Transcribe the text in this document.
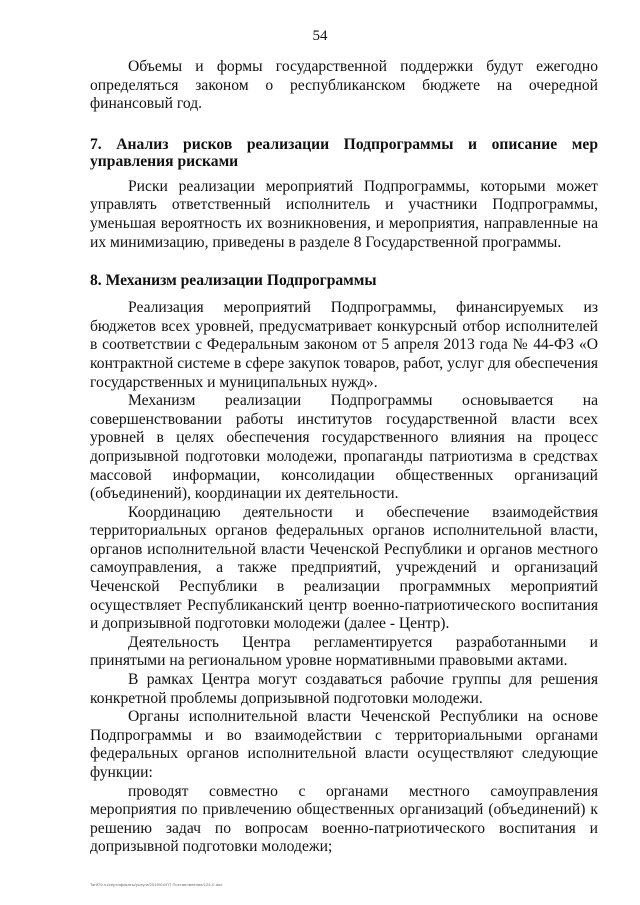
54

Объемы и формы государственной поддержки будут ежегодно определяться законом о республиканском бюджете на очередной финансовый год.

7. Анализ рисков реализации Подпрограммы и описание мер управления рисками

Риски реализации мероприятий Подпрограммы, которыми может управлять ответственный исполнитель и участники Подпрограммы, уменьшая вероятность их возникновения, и мероприятия, направленные на их минимизацию, приведены в разделе 8 Государственной программы.

8. Механизм реализации Подпрограммы

Реализация мероприятий Подпрограммы, финансируемых из бюджетов всех уровней, предусматривает конкурсный отбор исполнителей в соответствии с Федеральным законом от 5 апреля 2013 года № 44-ФЗ «О контрактной системе в сфере закупок товаров, работ, услуг для обеспечения государственных и муниципальных нужд».

Механизм реализации Подпрограммы основывается на совершенствовании работы институтов государственной власти всех уровней в целях обеспечения государственного влияния на процесс допризывной подготовки молодежи, пропаганды патриотизма в средствах массовой информации, консолидации общественных организаций (объединений), координации их деятельности.

Координацию деятельности и обеспечение взаимодействия территориальных органов федеральных органов исполнительной власти, органов исполнительной власти Чеченской Республики и органов местного самоуправления, а также предприятий, учреждений и организаций Чеченской Республики в реализации программных мероприятий осуществляет Республиканский центр военно-патриотического воспитания и допризывной подготовки молодежи (далее - Центр).

Деятельность Центра регламентируется разработанными и принятыми на региональном уровне нормативными правовыми актами.

В рамках Центра могут создаваться рабочие группы для решения конкретной проблемы допризывной подготовки молодежи.

Органы исполнительной власти Чеченской Республики на основе Подпрограммы и во взаимодействии с территориальными органами федеральных органов исполнительной власти осуществляют следующие функции:

проводят совместно с органами местного самоуправления мероприятия по привлечению общественных организаций (объединений) к решению задач по вопросам военно-патриотического воспитания и допризывной подготовки молодежи;

Tarif79.ru/сертификаты/услуги/2019/04/ГП Постановление/124-0.doc
